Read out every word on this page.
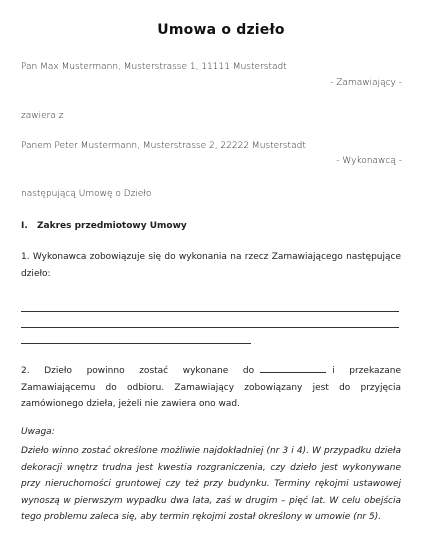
Umowa o dzieło
Pan Max Mustermann, Musterstrasse 1, 11111 Musterstadt
- Zamawiający -
zawiera z
Panem Peter Mustermann, Musterstrasse 2, 22222 Musterstadt
- Wykonawcą -
następującą Umowę o Dzieło
I. Zakres przedmiotowy Umowy
1. Wykonawca zobowiązuje się do wykonania na rzecz Zamawiającego następujące dzieło:
2. Dzieło powinno zostać wykonane do	i przekazane Zamawiającemu do odbioru. Zamawiający zobowiązany jest do przyjęcia zamówionego dzieła, jeżeli nie zawiera ono wad.
Uwaga:
Dzieło winno zostać określone możliwie najdokładniej (nr 3 i 4). W przypadku dzieła dekoracji wnętrz trudna jest kwestia rozgraniczenia, czy dzieło jest wykonywane przy nieruchomości gruntowej czy też przy budynku. Terminy rękojmi ustawowej wynoszą w pierwszym wypadku dwa lata, zaś w drugim – pięć lat. W celu obejścia tego problemu zaleca się, aby termin rękojmi został określony w umowie (nr 5).
